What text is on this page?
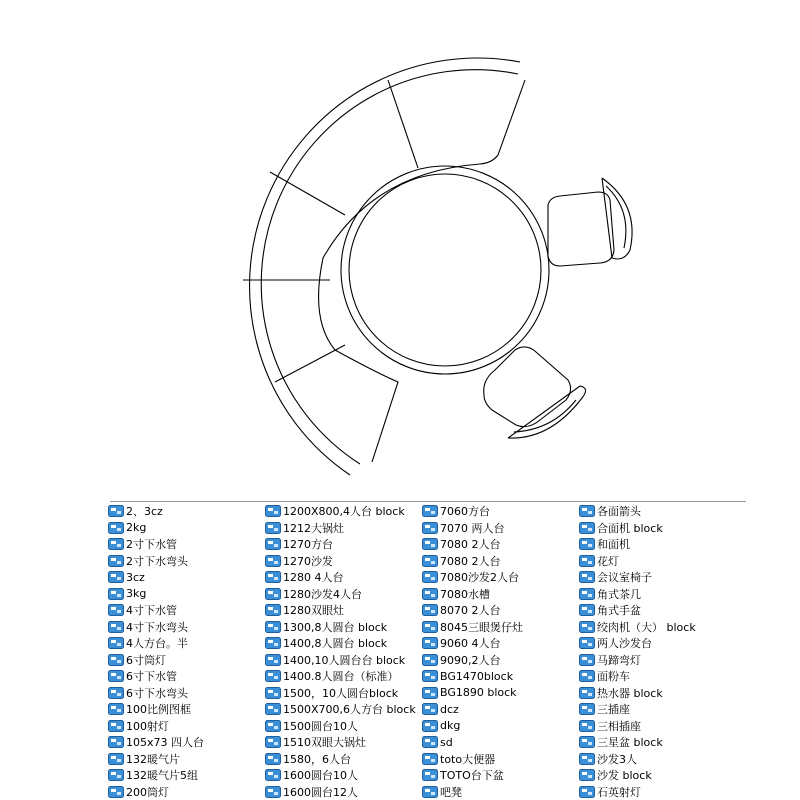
2、3cz
2kg
2寸下水管
2寸下水弯头
3cz
3kg
4寸下水管
4寸下水弯头
4人方台。半
6寸筒灯
6寸下水管
6寸下水弯头
100比例图框
100射灯
105x73 四人台
132暖气片
132暖气片5组
200筒灯
1200X800,4人台 block
1212大锅灶
1270方台
1270沙发
1280 4人台
1280沙发4人台
1280双眼灶
1300,8人圆台 block
1400,8人圆台 block
1400,10人圆台台 block
1400.8人圆台（标准）
1500，10人圆台block
1500X700,6人方台 block
1500圆台10人
1510双眼大锅灶
1580，6人台
1600圆台10人
1600圆台12人
7060方台
7070 两人台
7080 2人台
7080 2人台
7080沙发2人台
7080水槽
8070 2人台
8045三眼煲仔灶
9060 4人台
9090,2人台
BG1470block
BG1890 block
dcz
dkg
sd
toto大便器
TOTO台下盆
吧凳
各面箭头
合面机 block
和面机
花灯
会议室椅子
角式茶几
角式手盆
绞肉机（大） block
两人沙发台
马蹄弯灯
面粉车
热水器 block
三插座
三相插座
三星盆 block
沙发3人
沙发 block
石英射灯
